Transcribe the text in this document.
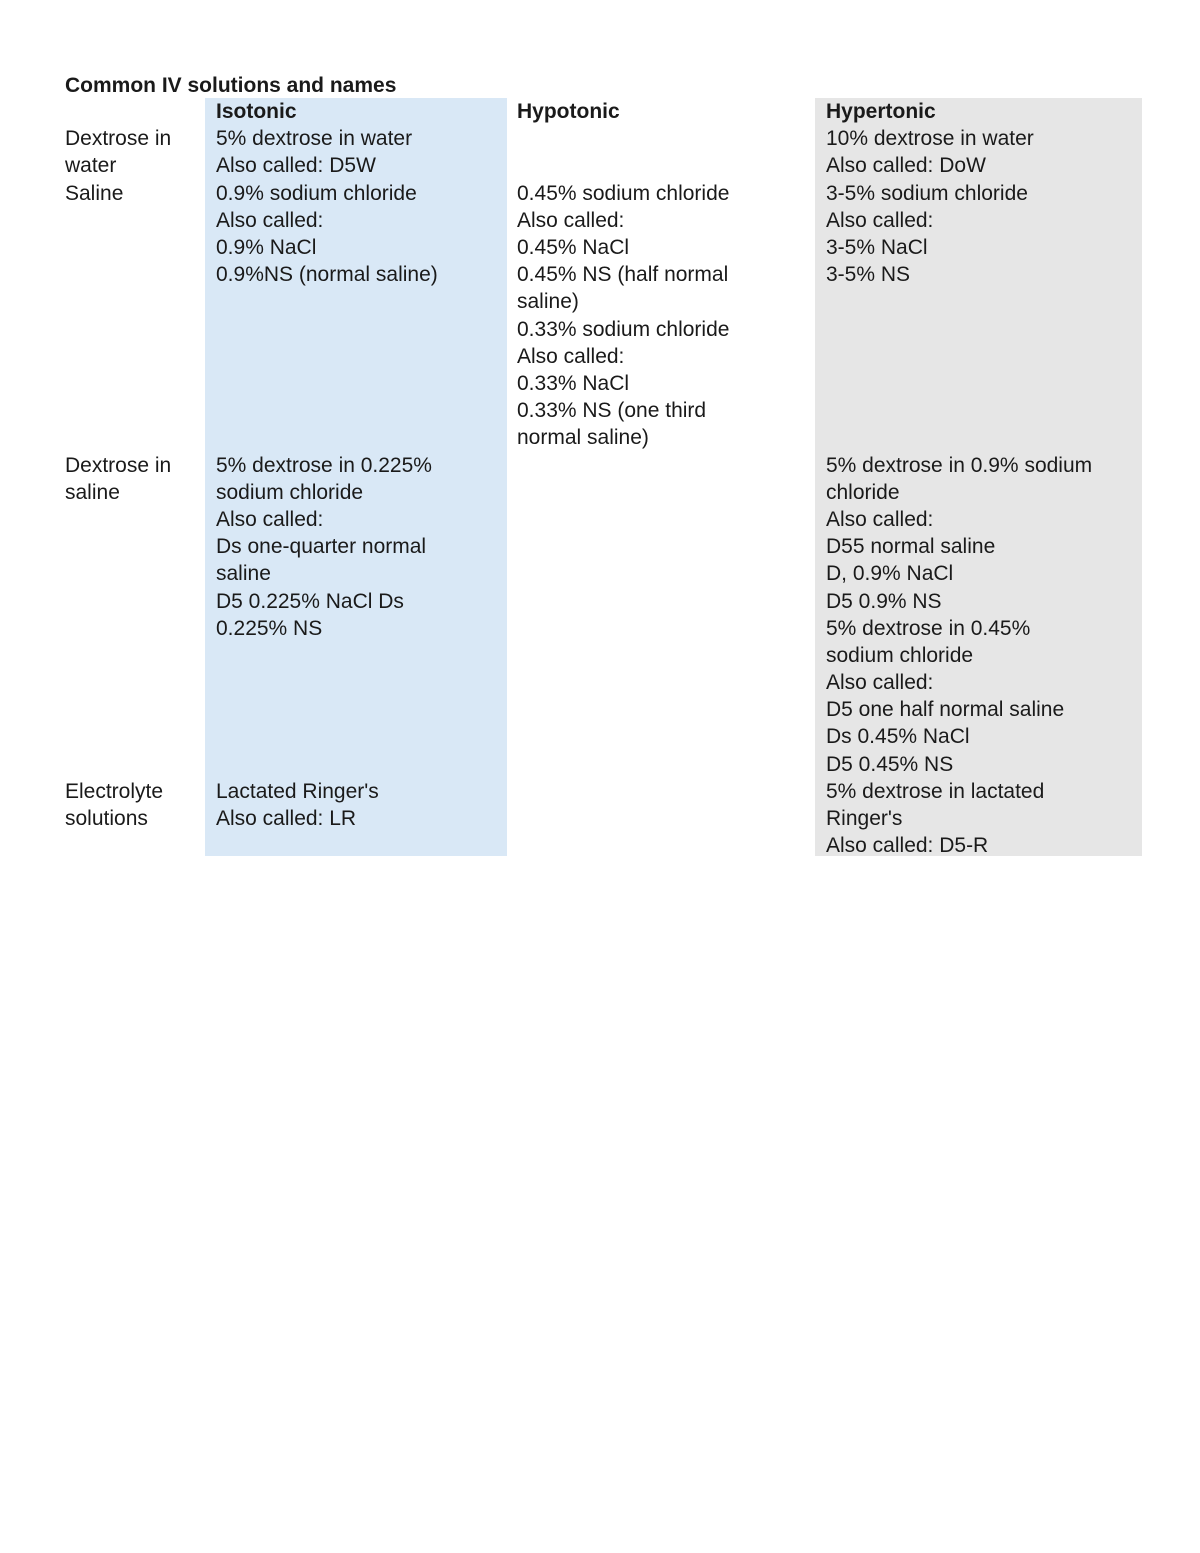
Common IV solutions and names
Dextrose in
water
Saline
Dextrose in
saline
Electrolyte
solutions
Isotonic
5% dextrose in water
Also called: D5W
0.9% sodium chloride
Also called:
0.9% NaCl
0.9%NS (normal saline)
5% dextrose in 0.225%
sodium chloride
Also called:
Ds one-quarter normal
saline
D5 0.225% NaCl Ds
0.225% NS
Lactated Ringer's
Also called: LR
Hypotonic
0.45% sodium chloride
Also called:
0.45% NaCl
0.45% NS (half normal
saline)
0.33% sodium chloride
Also called:
0.33% NaCl
0.33% NS (one third
normal saline)
Hypertonic
10% dextrose in water
Also called: DoW
3-5% sodium chloride
Also called:
3-5% NaCl
3-5% NS
5% dextrose in 0.9% sodium
chloride
Also called:
D55 normal saline
D, 0.9% NaCl
D5 0.9% NS
5% dextrose in 0.45%
sodium chloride
Also called:
D5 one half normal saline
Ds 0.45% NaCl
D5 0.45% NS
5% dextrose in lactated
Ringer's
Also called: D5-R
